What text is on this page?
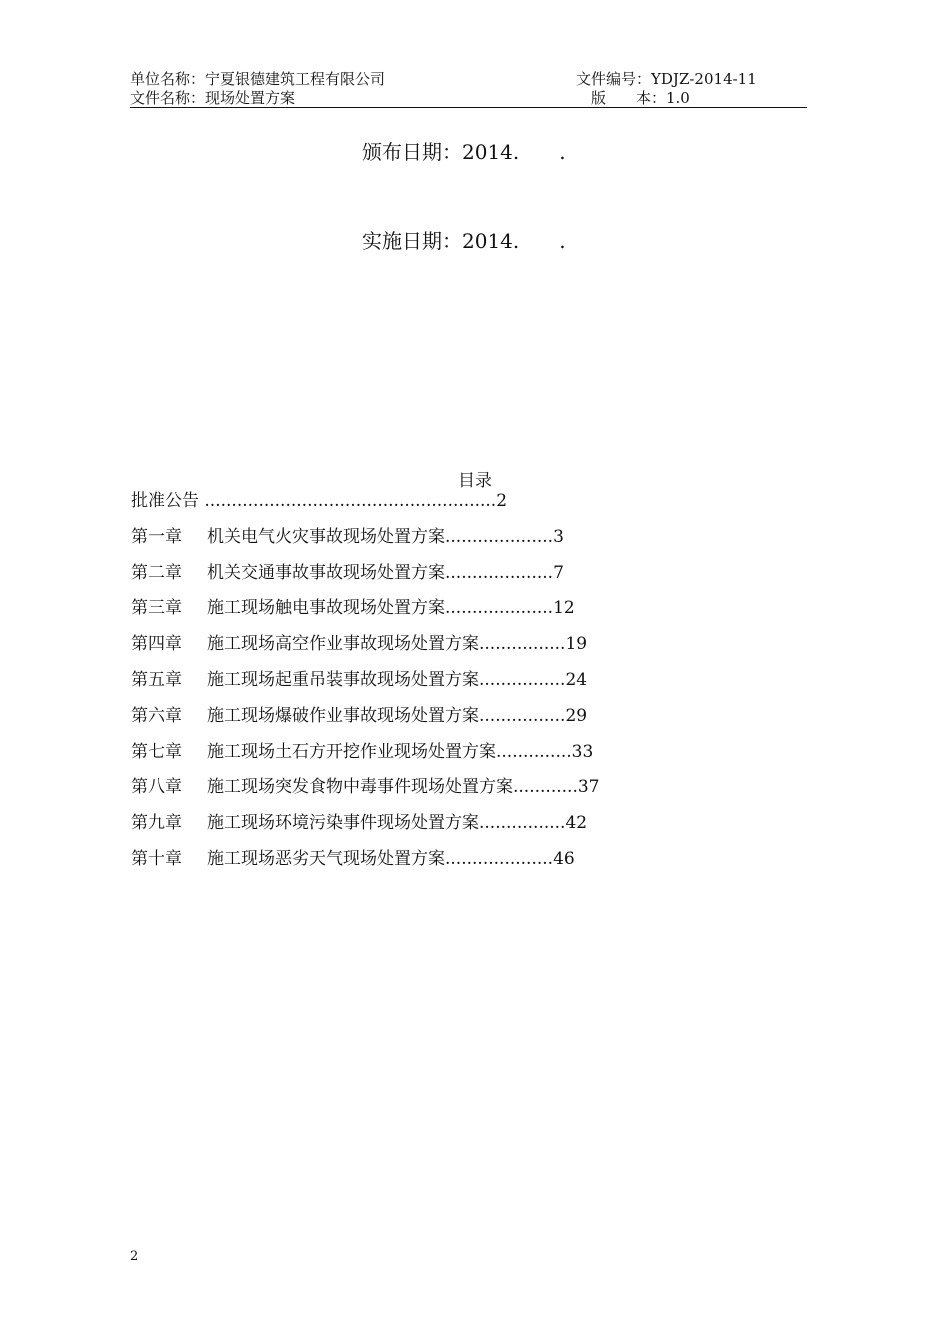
单位名称：宁夏银德建筑工程有限公司	文件编号：YDJZ-2014-11
文件名称：现场处置方案	版　　本：1.0
颁布日期：2014.　　.
实施日期：2014.　　.
目录
批准公告 ......................................................2
第一章 机关电气火灾事故现场处置方案....................3
第二章 机关交通事故事故现场处置方案....................7
第三章 施工现场触电事故现场处置方案....................12
第四章 施工现场高空作业事故现场处置方案................19
第五章 施工现场起重吊装事故现场处置方案................24
第六章 施工现场爆破作业事故现场处置方案................29
第七章 施工现场土石方开挖作业现场处置方案..............33
第八章 施工现场突发食物中毒事件现场处置方案............37
第九章 施工现场环境污染事件现场处置方案................42
第十章 施工现场恶劣天气现场处置方案....................46
2
